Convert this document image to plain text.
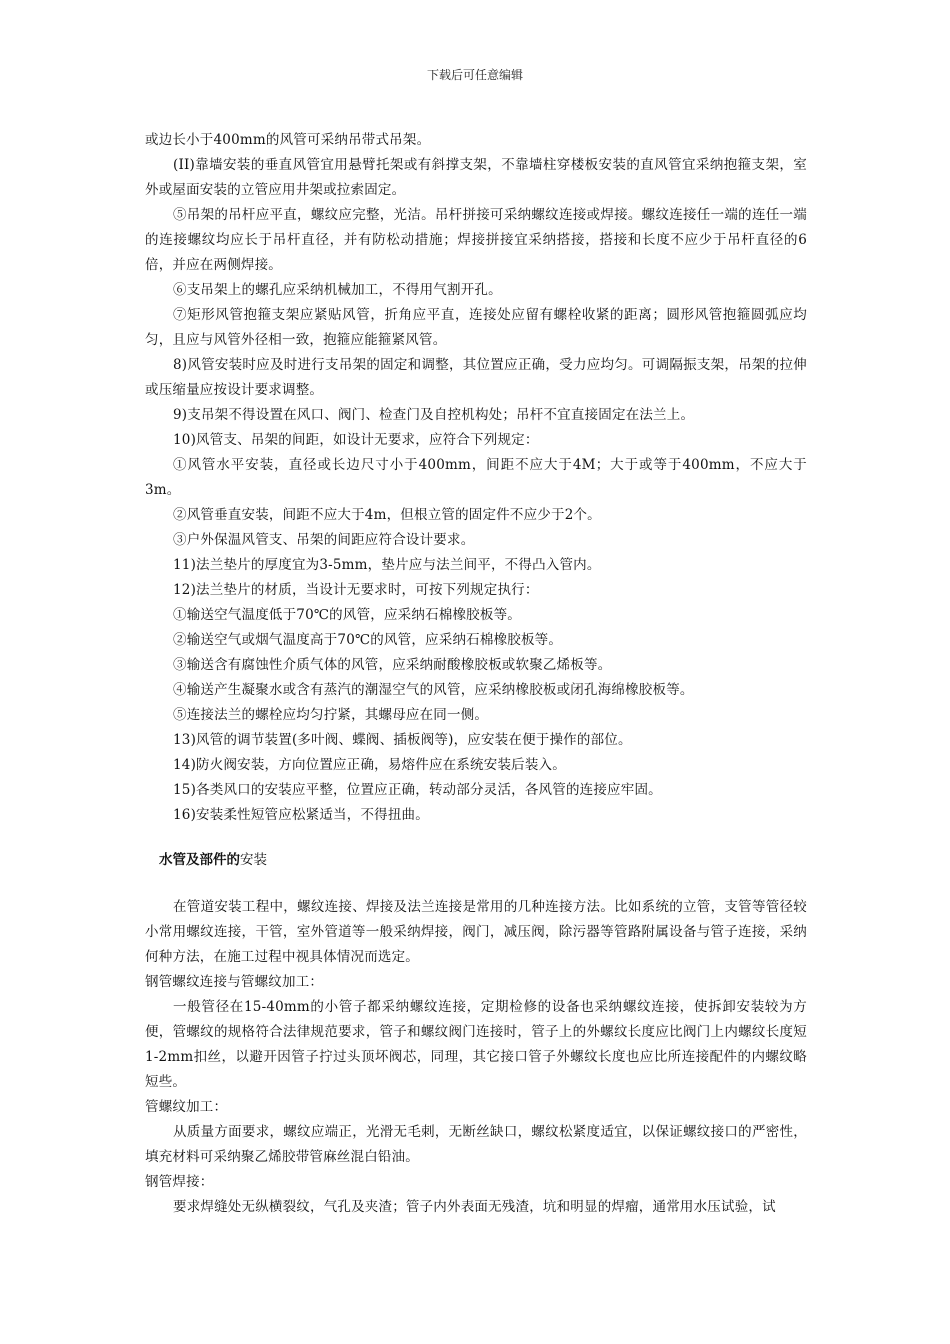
下载后可任意编辑

或边长小于400mm的风管可采纳吊带式吊架。

(II)靠墙安装的垂直风管宜用悬臂托架或有斜撑支架，不靠墙柱穿楼板安装的直风管宜采纳抱箍支架，室外或屋面安装的立管应用井架或拉索固定。

⑤吊架的吊杆应平直，螺纹应完整，光洁。吊杆拼接可采纳螺纹连接或焊接。螺纹连接任一端的连任一端的连接螺纹均应长于吊杆直径，并有防松动措施；焊接拼接宜采纳搭接，搭接和长度不应少于吊杆直径的6倍，并应在两侧焊接。

⑥支吊架上的螺孔应采纳机械加工，不得用气割开孔。

⑦矩形风管抱箍支架应紧贴风管，折角应平直，连接处应留有螺栓收紧的距离；圆形风管抱箍圆弧应均匀，且应与风管外径相一致，抱箍应能箍紧风管。

8)风管安装时应及时进行支吊架的固定和调整，其位置应正确，受力应均匀。可调隔振支架，吊架的拉伸或压缩量应按设计要求调整。

9)支吊架不得设置在风口、阀门、检查门及自控机构处；吊杆不宜直接固定在法兰上。

10)风管支、吊架的间距，如设计无要求，应符合下列规定：

①风管水平安装，直径或长边尺寸小于400mm，间距不应大于4M；大于或等于400mm，不应大于3m。

②风管垂直安装，间距不应大于4m，但根立管的固定件不应少于2个。

③户外保温风管支、吊架的间距应符合设计要求。

11)法兰垫片的厚度宜为3-5mm，垫片应与法兰间平，不得凸入管内。

12)法兰垫片的材质，当设计无要求时，可按下列规定执行：

①输送空气温度低于70℃的风管，应采纳石棉橡胶板等。

②输送空气或烟气温度高于70℃的风管，应采纳石棉橡胶板等。

③输送含有腐蚀性介质气体的风管，应采纳耐酸橡胶板或软聚乙烯板等。

④输送产生凝聚水或含有蒸汽的潮湿空气的风管，应采纳橡胶板或闭孔海绵橡胶板等。

⑤连接法兰的螺栓应均匀拧紧，其螺母应在同一侧。

13)风管的调节装置(多叶阀、蝶阀、插板阀等)，应安装在便于操作的部位。

14)防火阀安装，方向位置应正确，易熔件应在系统安装后装入。

15)各类风口的安装应平整，位置应正确，转动部分灵活，各风管的连接应牢固。

16)安装柔性短管应松紧适当，不得扭曲。

水管及部件的安装

在管道安装工程中，螺纹连接、焊接及法兰连接是常用的几种连接方法。比如系统的立管，支管等管径较小常用螺纹连接，干管，室外管道等一般采纳焊接，阀门，减压阀，除污器等管路附属设备与管子连接，采纳何种方法，在施工过程中视具体情况而选定。

钢管螺纹连接与管螺纹加工：

一般管径在15-40mm的小管子都采纳螺纹连接，定期检修的设备也采纳螺纹连接，使拆卸安装较为方便，管螺纹的规格符合法律规范要求，管子和螺纹阀门连接时，管子上的外螺纹长度应比阀门上内螺纹长度短1-2mm扣丝，以避开因管子拧过头顶坏阀芯，同理，其它接口管子外螺纹长度也应比所连接配件的内螺纹略短些。

管螺纹加工：

从质量方面要求，螺纹应端正，光滑无毛刺，无断丝缺口，螺纹松紧度适宜，以保证螺纹接口的严密性，填充材料可采纳聚乙烯胶带管麻丝混白铅油。

钢管焊接：

要求焊缝处无纵横裂纹，气孔及夹渣；管子内外表面无残渣，坑和明显的焊瘤，通常用水压试验，试
